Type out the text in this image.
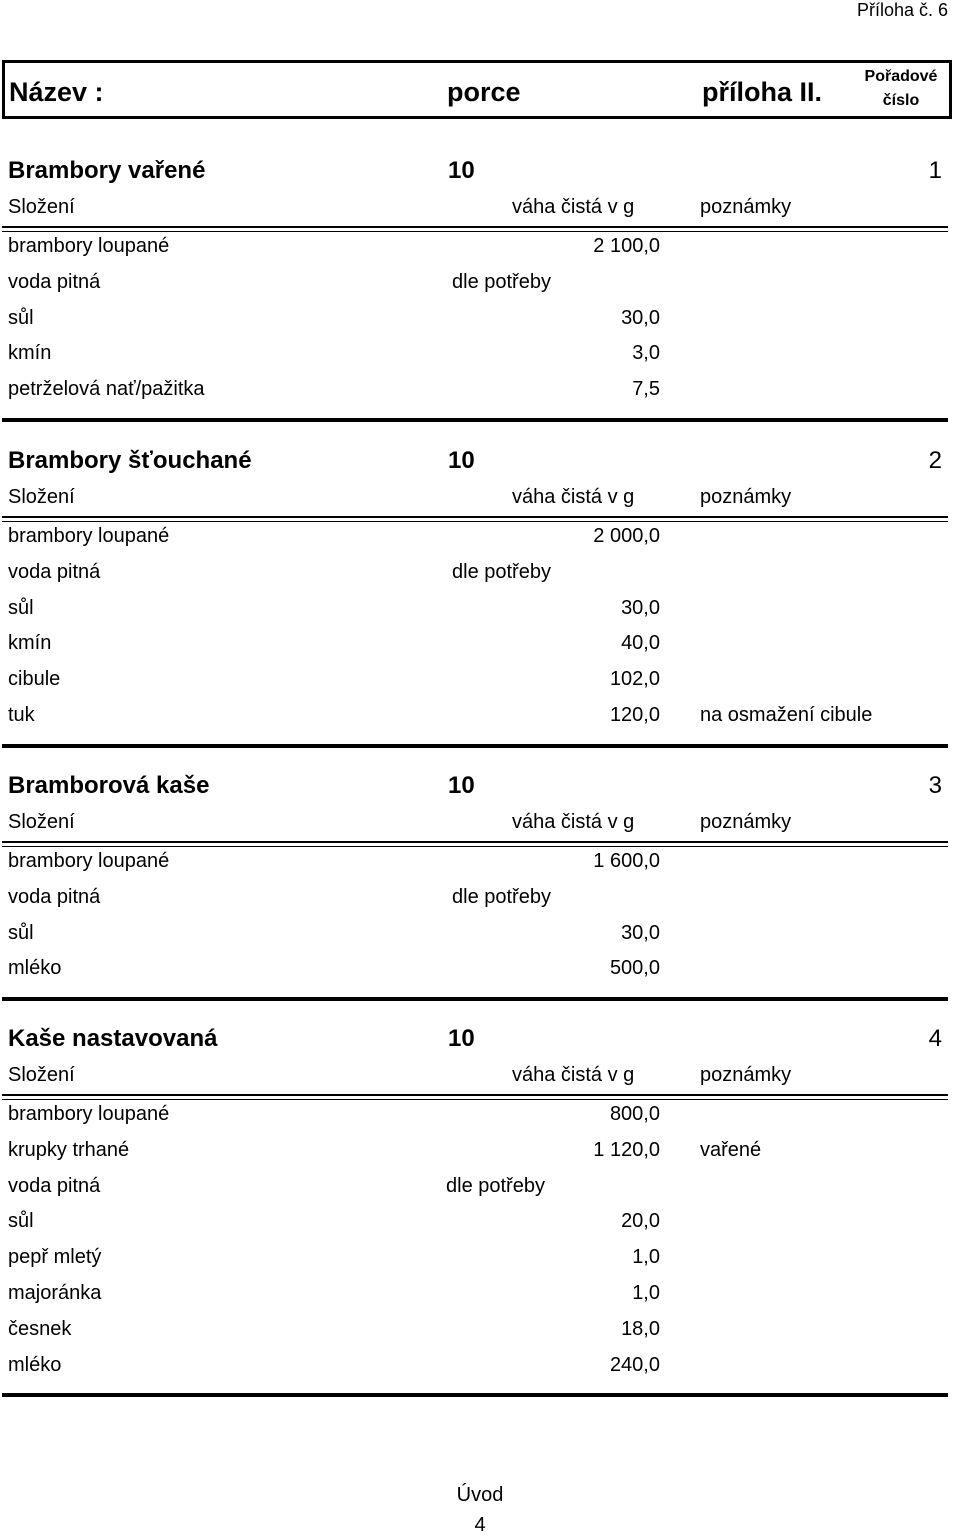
Příloha č. 6
Název :	porce	příloha II.
Pořadové
číslo
Brambory vařené	10	1
Složení	váha čistá v g	poznámky
brambory loupané	2 100,0
voda pitná	dle potřeby
sůl	30,0
kmín	3,0
petrželová nať/pažitka	7,5
Brambory šťouchané	10	2
Složení	váha čistá v g	poznámky
brambory loupané	2 000,0
voda pitná	dle potřeby
sůl	30,0
kmín	40,0
cibule	102,0
tuk	120,0 na osmažení cibule
Bramborová kaše	10	3
Složení	váha čistá v g	poznámky
brambory loupané	1 600,0
voda pitná	dle potřeby
sůl	30,0
mléko	500,0
Kaše nastavovaná	10	4
Složení	váha čistá v g	poznámky
brambory loupané	800,0
krupky trhané	1 120,0 vařené
voda pitná	dle potřeby
sůl	20,0
pepř mletý	1,0
majoránka	1,0
česnek	18,0
mléko	240,0
Úvod
4
